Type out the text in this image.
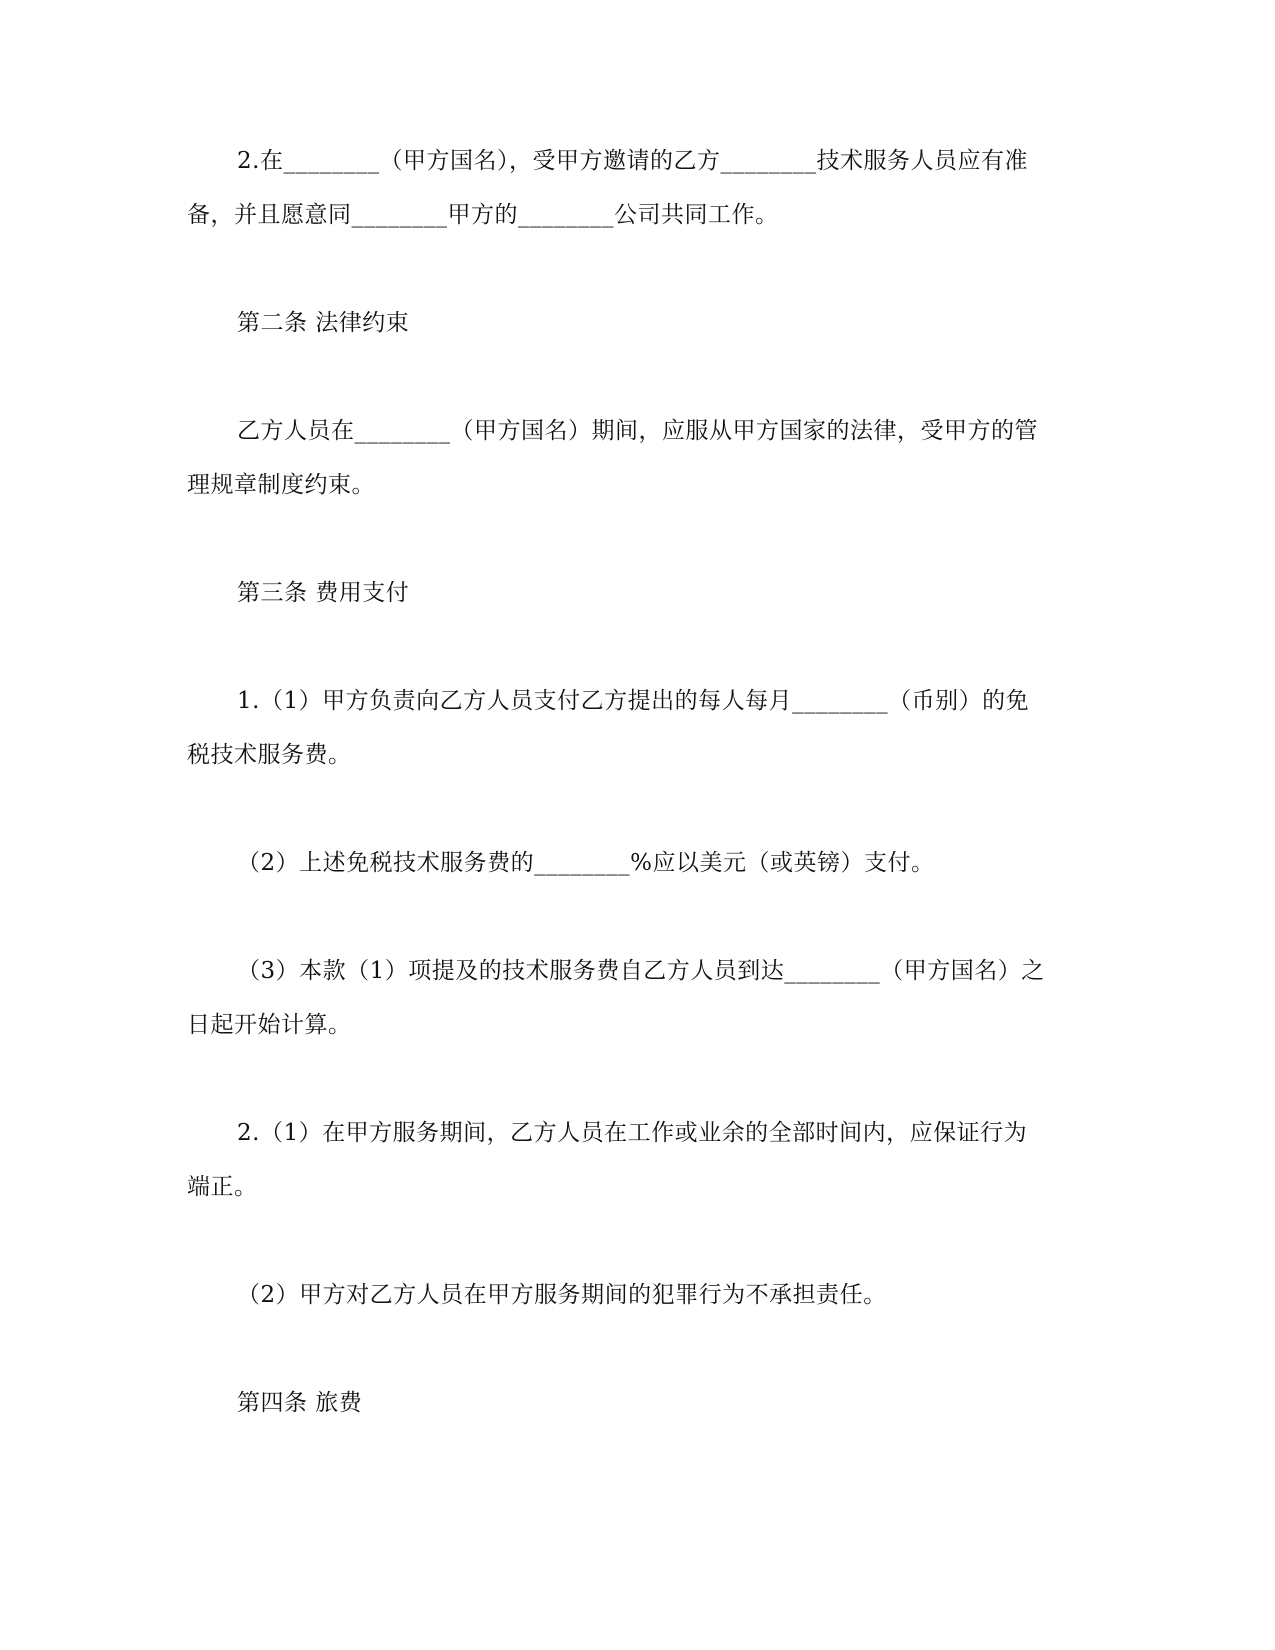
2.在________（甲方国名），受甲方邀请的乙方________技术服务人员应有准
备，并且愿意同________甲方的________公司共同工作。
第二条 法律约束
乙方人员在________（甲方国名）期间，应服从甲方国家的法律，受甲方的管
理规章制度约束。
第三条 费用支付
1.（1）甲方负责向乙方人员支付乙方提出的每人每月________（币别）的免
税技术服务费。
（2）上述免税技术服务费的________%应以美元（或英镑）支付。
（3）本款（1）项提及的技术服务费自乙方人员到达________（甲方国名）之
日起开始计算。
2.（1）在甲方服务期间，乙方人员在工作或业余的全部时间内，应保证行为
端正。
（2）甲方对乙方人员在甲方服务期间的犯罪行为不承担责任。
第四条 旅费
